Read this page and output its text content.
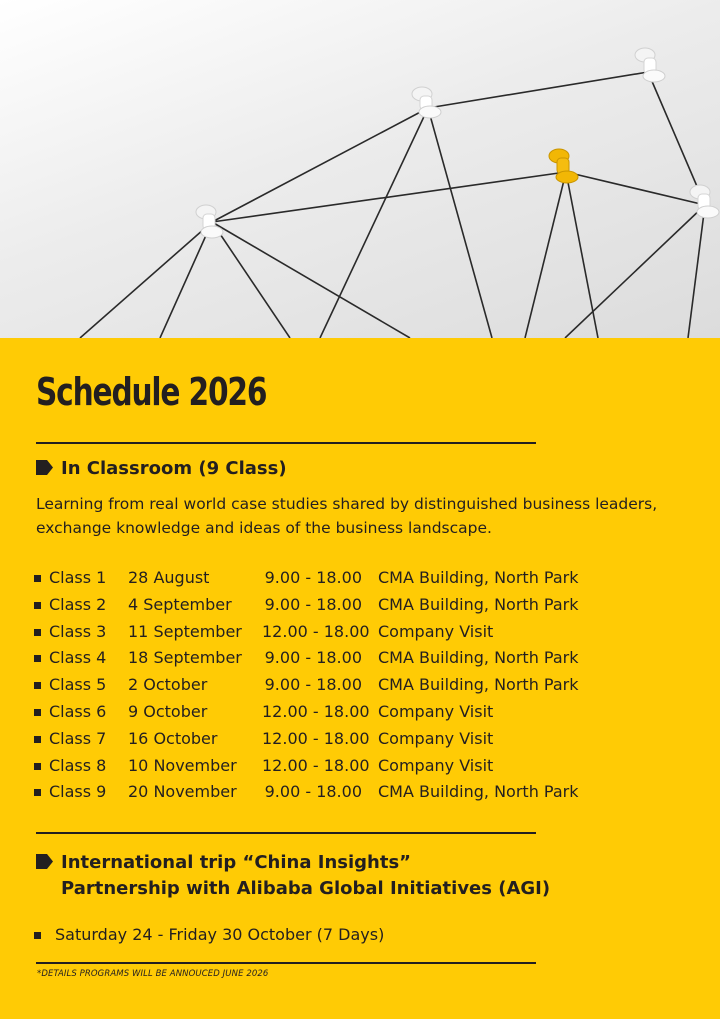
Schedule 2026
In Classroom (9 Class)

Learning from real world case studies shared by distinguished business leaders, exchange knowledge and ideas of the business landscape.

Class 1 28 August	9.00 - 18.00 CMA Building, North Park
Class 2 4 September 9.00 - 18.00 CMA Building, North Park
Class 3 11 September 12.00 - 18.00 Company Visit
Class 4 18 September 9.00 - 18.00 CMA Building, North Park
Class 5 2 October	9.00 - 18.00 CMA Building, North Park
Class 6 9 October	12.00 - 18.00 Company Visit
Class 7 16 October	12.00 - 18.00 Company Visit
Class 8 10 November 12.00 - 18.00 Company Visit
Class 9 20 November 9.00 - 18.00 CMA Building, North Park
International trip “China Insights”
Partnership with Alibaba Global Initiatives (AGI)
Saturday 24 - Friday 30 October (7 Days)
*DETAILS PROGRAMS WILL BE ANNOUCED JUNE 2026
